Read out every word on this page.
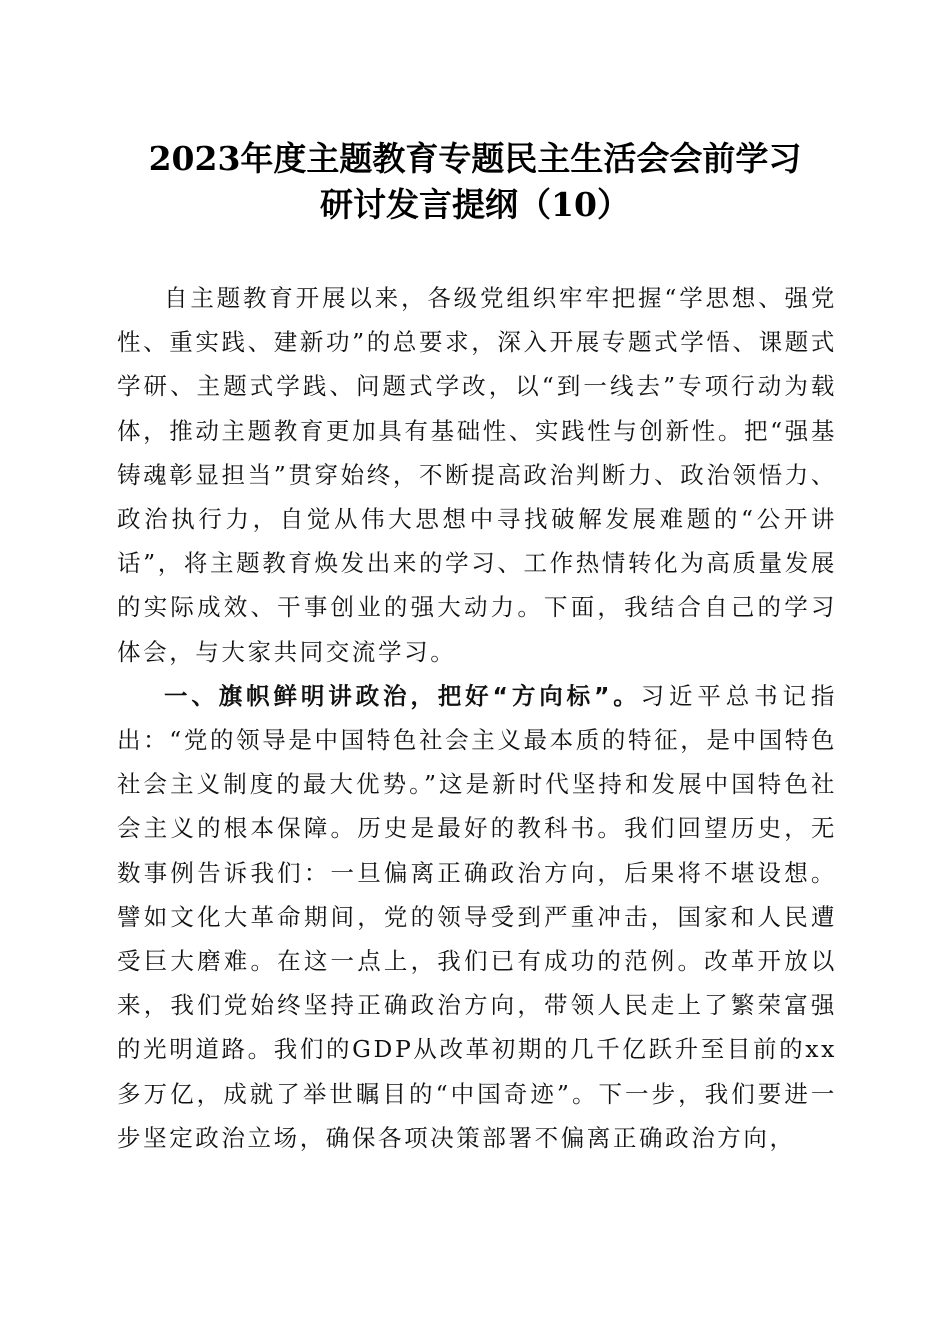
2023年度主题教育专题民主生活会会前学习
研讨发言提纲（10）

自主题教育开展以来，各级党组织牢牢把握“学思想、强党性、重实践、建新功”的总要求，深入开展专题式学悟、课题式学研、主题式学践、问题式学改，以“到一线去”专项行动为载体，推动主题教育更加具有基础性、实践性与创新性。把“强基铸魂彰显担当”贯穿始终，不断提高政治判断力、政治领悟力、政治执行力，自觉从伟大思想中寻找破解发展难题的“公开讲话”，将主题教育焕发出来的学习、工作热情转化为高质量发展的实际成效、干事创业的强大动力。下面，我结合自己的学习体会，与大家共同交流学习。

一、旗帜鲜明讲政治，把好“方向标”。习近平总书记指出：“党的领导是中国特色社会主义最本质的特征，是中国特色社会主义制度的最大优势。”这是新时代坚持和发展中国特色社会主义的根本保障。历史是最好的教科书。我们回望历史，无数事例告诉我们：一旦偏离正确政治方向，后果将不堪设想。譬如文化大革命期间，党的领导受到严重冲击，国家和人民遭受巨大磨难。在这一点上，我们已有成功的范例。改革开放以来，我们党始终坚持正确政治方向，带领人民走上了繁荣富强的光明道路。我们的GDP从改革初期的几千亿跃升至目前的xx多万亿，成就了举世瞩目的“中国奇迹”。下一步，我们要进一步坚定政治立场，确保各项决策部署不偏离正确政治方向，
